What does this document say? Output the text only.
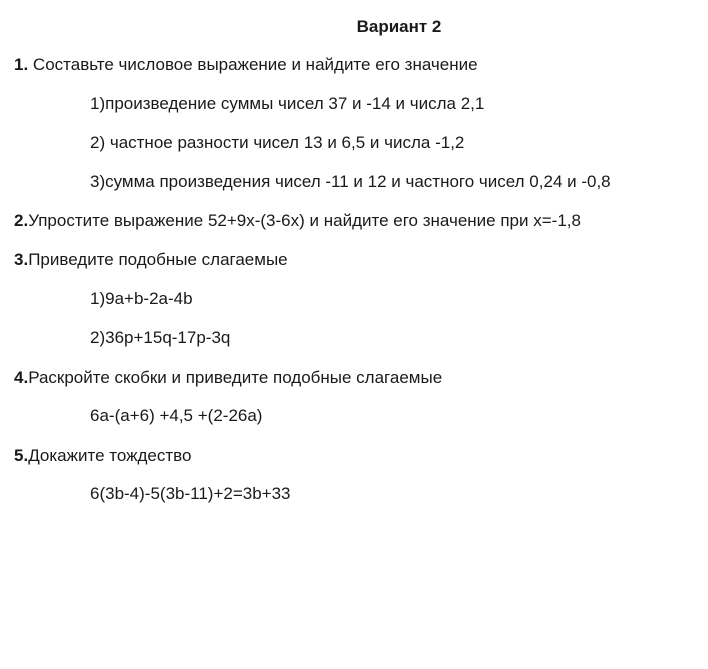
Вариант 2
1. Составьте числовое выражение и найдите его значение
1)произведение суммы чисел 37 и -14 и числа 2,1
2) частное разности чисел 13 и 6,5 и числа -1,2
3)сумма произведения чисел -11 и 12 и частного чисел 0,24 и -0,8
2.Упростите выражение 52+9x-(3-6x) и найдите его значение при x=-1,8
3.Приведите подобные слагаемые
1)9a+b-2a-4b
2)36p+15q-17p-3q
4.Раскройте скобки и приведите подобные слагаемые
6a-(a+6) +4,5 +(2-26a)
5.Докажите тождество
6(3b-4)-5(3b-11)+2=3b+33
